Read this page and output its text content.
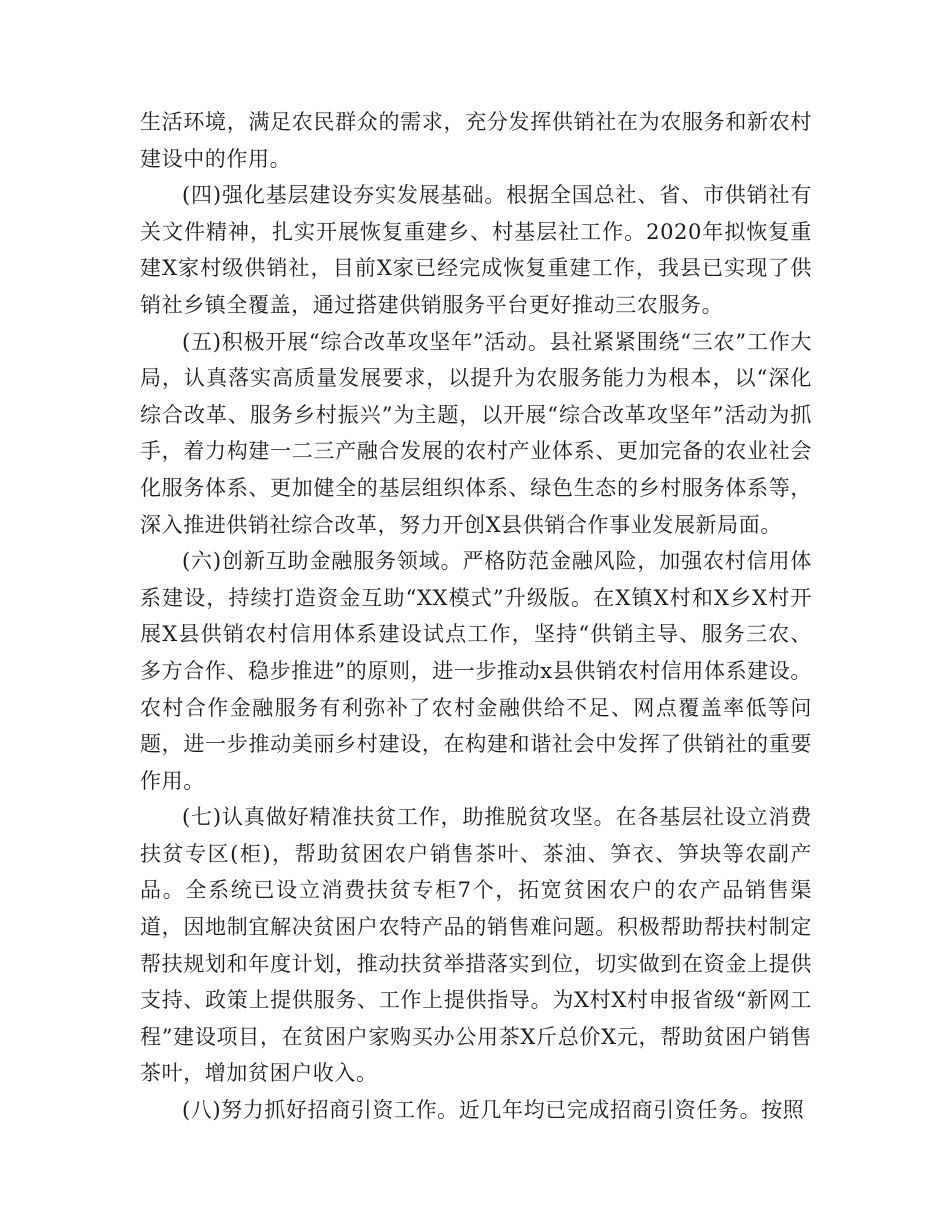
生活环境，满足农民群众的需求，充分发挥供销社在为农服务和新农村建设中的作用。

(四)强化基层建设夯实发展基础。根据全国总社、省、市供销社有关文件精神，扎实开展恢复重建乡、村基层社工作。2020年拟恢复重建X家村级供销社，目前X家已经完成恢复重建工作，我县已实现了供销社乡镇全覆盖，通过搭建供销服务平台更好推动三农服务。

(五)积极开展“综合改革攻坚年”活动。县社紧紧围绕“三农”工作大局，认真落实高质量发展要求，以提升为农服务能力为根本，以“深化综合改革、服务乡村振兴”为主题，以开展“综合改革攻坚年”活动为抓手，着力构建一二三产融合发展的农村产业体系、更加完备的农业社会化服务体系、更加健全的基层组织体系、绿色生态的乡村服务体系等，深入推进供销社综合改革，努力开创X县供销合作事业发展新局面。

(六)创新互助金融服务领域。严格防范金融风险，加强农村信用体系建设，持续打造资金互助“XX模式”升级版。在X镇X村和X乡X村开展X县供销农村信用体系建设试点工作，坚持“供销主导、服务三农、多方合作、稳步推进”的原则，进一步推动x县供销农村信用体系建设。农村合作金融服务有利弥补了农村金融供给不足、网点覆盖率低等问题，进一步推动美丽乡村建设，在构建和谐社会中发挥了供销社的重要作用。

(七)认真做好精准扶贫工作，助推脱贫攻坚。在各基层社设立消费扶贫专区(柜)，帮助贫困农户销售茶叶、茶油、笋衣、笋块等农副产品。全系统已设立消费扶贫专柜7个，拓宽贫困农户的农产品销售渠道，因地制宜解决贫困户农特产品的销售难问题。积极帮助帮扶村制定帮扶规划和年度计划，推动扶贫举措落实到位，切实做到在资金上提供支持、政策上提供服务、工作上提供指导。为X村X村申报省级“新网工程”建设项目，在贫困户家购买办公用茶X斤总价X元，帮助贫困户销售茶叶，增加贫困户收入。

(八)努力抓好招商引资工作。近几年均已完成招商引资任务。按照
